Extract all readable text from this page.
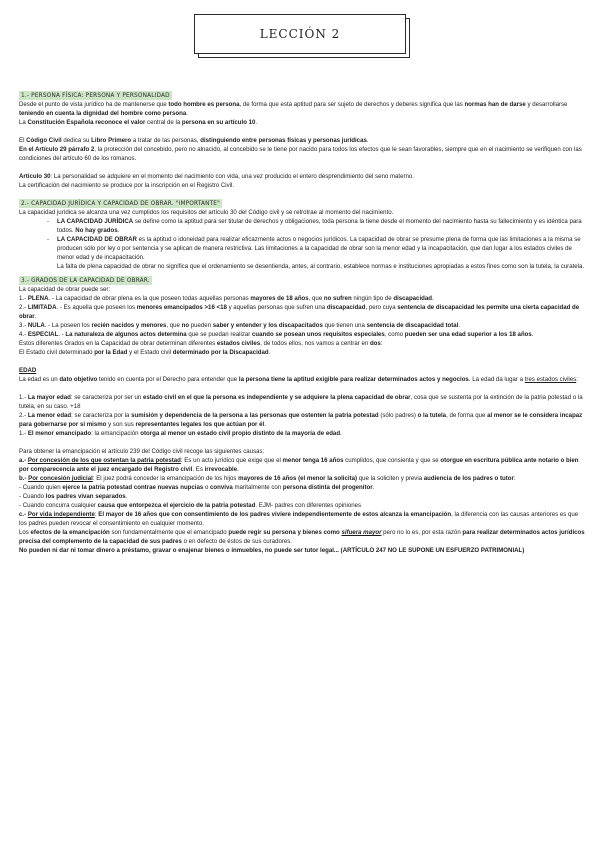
LECCIÓN 2
1.- PERSONA FÍSICA: PERSONA Y PERSONALIDAD

Desde el punto de vista jurídico ha de mantenerse que todo hombre es persona, de forma que esta aptitud para ser sujeto de derechos y deberes significa que las normas han de darse y desarrollarse teniendo en cuenta la dignidad del hombre como persona.

La Constitución Española reconoce el valor central de la persona en su artículo 10.

El Código Civil dedica su Libro Primero a tratar de las personas, distinguiendo entre personas físicas y personas jurídicas.

En el Artículo 29 párrafo 2, la protección del concebido, pero no alnacido, al concebido se le tiene por nacido para todos los efectos que le sean favorables, siempre que en el nacimiento se verifiquen con las condiciones del artículo 60 de los romanos.

Artículo 30: La personalidad se adquiere en el momento del nacimiento con vida, una vez producido el entero desprendimiento del seno materno.

La certificación del nacimiento se produce por la inscripción en el Registro Civil.

2.- CAPACIDAD JURÍDICA Y CAPACIDAD DE OBRAR. "IMPORTANTE"

La capacidad jurídica se alcanza una vez cumplidos los requisitos del artículo 30 del Código civil y se retrotrae al momento del nacimiento.

- LA CAPACIDAD JURÍDICA se define como la aptitud para ser titular de derechos y obligaciones, toda persona la tiene desde el momento del nacimiento hasta su fallecimiento y es idéntica para todos. No hay grados.
- LA CAPACIDAD DE OBRAR es la aptitud o idoneidad para realizar eficazmente actos o negocios jurídicos. La capacidad de obrar se presume plena de forma que las limitaciones a la misma se producen sólo por ley o por sentencia y se aplican de manera restrictiva. Las limitaciones a la capacidad de obrar son la menor edad y la incapacitación, que dan lugar a los estados civiles de menor edad y de incapacitación.

La falta de plena capacidad de obrar no significa que el ordenamiento se desentienda, antes, al contrario, establece normas e instituciones apropiadas a estos fines como son la tutela, la curatela.

3.- GRADOS DE LA CAPACIDAD DE OBRAR.

La capacidad de obrar puede ser:

1.- PLENA. - La capacidad de obrar plena es la que poseen todas aquellas personas mayores de 18 años, que no sufren ningún tipo de discapacidad.

2.- LIMITADA. - Es aquella que poseen los menores emancipados >16 <18 y aquellas personas que sufren una discapacidad, pero cuya sentencia de discapacidad les permite una cierta capacidad de obrar.

3.- NULA. - La poseen los recién nacidos y menores, que no pueden saber y entender y los discapacitados que tienen una sentencia de discapacidad total.

4.- ESPECIAL. - La naturaleza de algunos actos determina que se puedan realizar cuando se posean unos requisitos especiales, como pueden ser una edad superior a los 18 años.

Estos diferentes Grados en la Capacidad de obrar determinan diferentes estados civiles, de todos ellos, nos vamos a centrar en dos:

El Estado civil determinado por la Edad y el Estado civil determinado por la Discapacidad.

EDAD

La edad es un dato objetivo tenido en cuenta por el Derecho para entender que la persona tiene la aptitud exigible para realizar determinados actos y negocios. La edad da lugar a tres estados civiles:

1.- La mayor edad: se caracteriza por ser un estado civil en el que la persona es independiente y se adquiere la plena capacidad de obrar, cosa que se sustenta por la extinción de la patria potestad o la tutela, en su caso. +18

2.- La menor edad: se caracteriza por la sumisión y dependencia de la persona a las personas que ostenten la patria potestad (sólo padres) o la tutela, de forma que al menor se le considera incapaz para gobernarse por sí mismo y son sus representantes legales los que actúan por él.

1.- El menor emancipado: la emancipación otorga al menor un estado civil propio distinto de la mayoría de edad.

Para obtener la emancipación el artículo 239 del Código civil recoge las siguientes causas:

a.- Por concesión de los que ostentan la patria potestad: Es un acto jurídico que exige que el menor tenga 16 años cumplidos, que consienta y que se otorgue en escritura pública ante notario o bien por comparecencia ante el juez encargado del Registro civil. Es irrevocable.

b.- Por concesión judicial: El juez podrá conceder la emancipación de los hijos mayores de 16 años (el menor la solicita) que la soliciten y previa audiencia de los padres o tutor:

- Cuando quien ejerce la patria potestad contrae nuevas nupcias o conviva maritalmente con persona distinta del progenitor.

- Cuando los padres vivan separados.

- Cuando concurra cualquier causa que entorpezca el ejercicio de la patria potestad. EJM- padres con diferentes opiniones

c.- Por vida independiente: El mayor de 16 años que con consentimiento de los padres viviere independientemente de estos alcanza la emancipación, la diferencia con las causas anteriores es que los padres pueden revocar el consentimiento en cualquier momento.

Los efectos de la emancipación son fundamentalmente que el emancipado puede regir su persona y bienes como sifuera mayor pero no lo es, por esta razón para realizar determinados actos jurídicos precisa del complemento de la capacidad de sus padres o en defecto de éstos de sus curadores.

No pueden ni dar ni tomar dinero a préstamo, gravar o enajenar bienes o inmuebles, no puede ser tutor legal... (ARTÍCULO 247 NO LE SUPONE UN ESFUERZO PATRIMONIAL)
